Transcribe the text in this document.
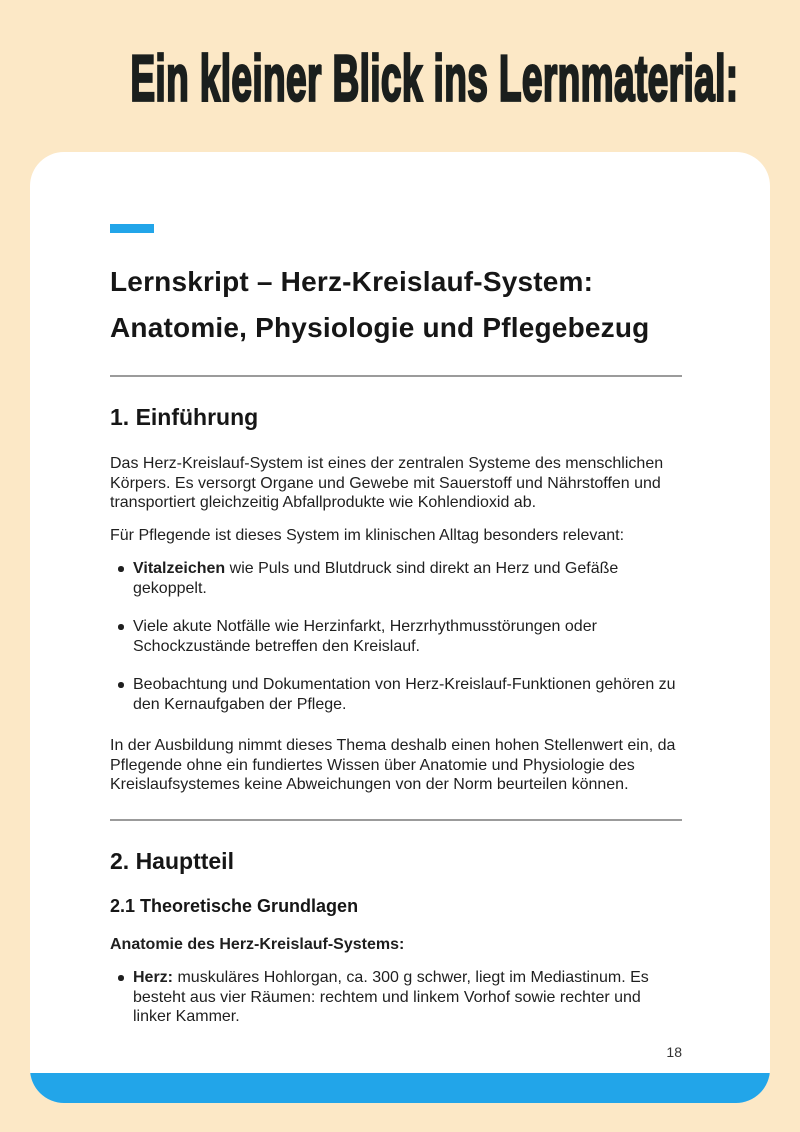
Ein kleiner Blick ins Lernmaterial:
Lernskript – Herz-Kreislauf-System: Anatomie, Physiologie und Pflegebezug
1. Einführung

Das Herz-Kreislauf-System ist eines der zentralen Systeme des menschlichen Körpers. Es versorgt Organe und Gewebe mit Sauerstoff und Nährstoffen und transportiert gleichzeitig Abfallprodukte wie Kohlendioxid ab.

Für Pflegende ist dieses System im klinischen Alltag besonders relevant:

Vitalzeichen wie Puls und Blutdruck sind direkt an Herz und Gefäße gekoppelt.
Viele akute Notfälle wie Herzinfarkt, Herzrhythmusstörungen oder Schockzustände betreffen den Kreislauf.
Beobachtung und Dokumentation von Herz-Kreislauf-Funktionen gehören zu den Kernaufgaben der Pflege.

In der Ausbildung nimmt dieses Thema deshalb einen hohen Stellenwert ein, da Pflegende ohne ein fundiertes Wissen über Anatomie und Physiologie des Kreislaufsystemes keine Abweichungen von der Norm beurteilen können.

2. Hauptteil
2.1 Theoretische Grundlagen
Anatomie des Herz-Kreislauf-Systems:
Herz: muskuläres Hohlorgan, ca. 300 g schwer, liegt im Mediastinum. Es besteht aus vier Räumen: rechtem und linkem Vorhof sowie rechter und linker Kammer.
18
